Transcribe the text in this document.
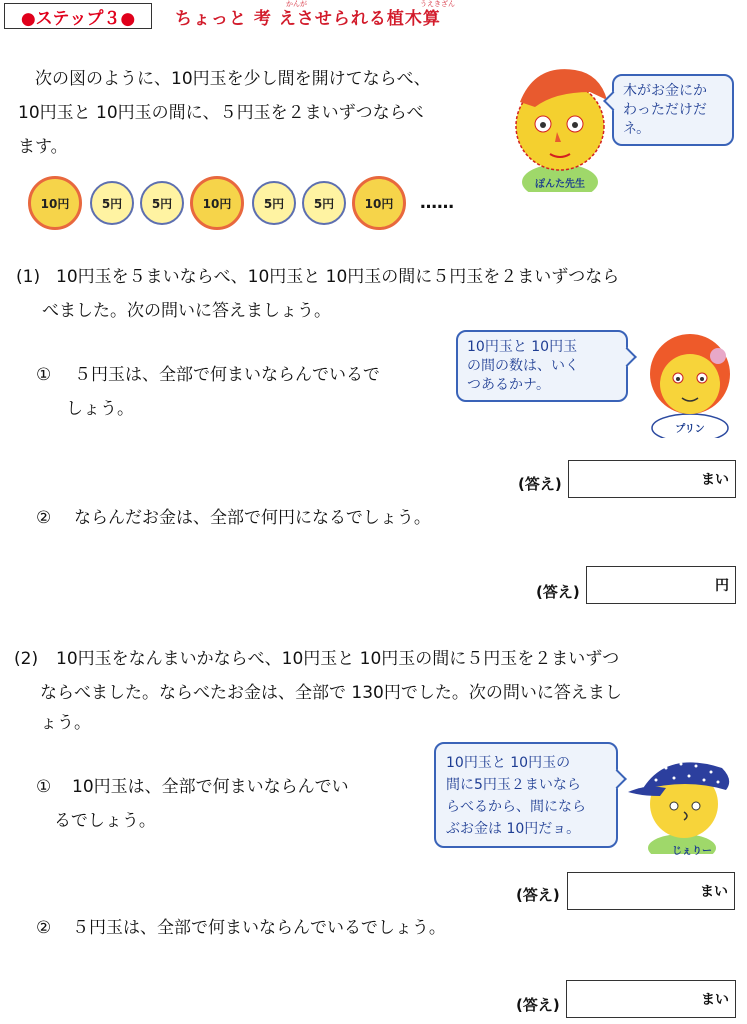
●ステップ３●
かんが	うえきざん
ちょっと 考 えさせられる植木算
　次の図のように、10円玉を少し間を開けてならべ、
10円玉と 10円玉の間に、５円玉を２まいずつならべ
ます。
ぽんた先生
木がお金にか
わっただけだ
ネ。
10円	5円 5円	10円	5円 5円	10円 ……
(1) 10円玉を５まいならべ、10円玉と 10円玉の間に５円玉を２まいずつなら
べました。次の問いに答えましょう。
① ５円玉は、全部で何まいならんでいるで
しょう。
10円玉と 10円玉
の間の数は、いく
つあるかナ。
プリン
(答え)	まい
② ならんだお金は、全部で何円になるでしょう。
(答え)	円
(2) 10円玉をなんまいかならべ、10円玉と 10円玉の間に５円玉を２まいずつ
ならべました。ならべたお金は、全部で 130円でした。次の問いに答えまし
ょう。
① 10円玉は、全部で何まいならんでい
るでしょう。
10円玉と 10円玉の
間に5円玉２まいなら
らべるから、間になら
ぶお金は 10円だョ。
じぇりー
(答え)	まい
② ５円玉は、全部で何まいならんでいるでしょう。
(答え)	まい
